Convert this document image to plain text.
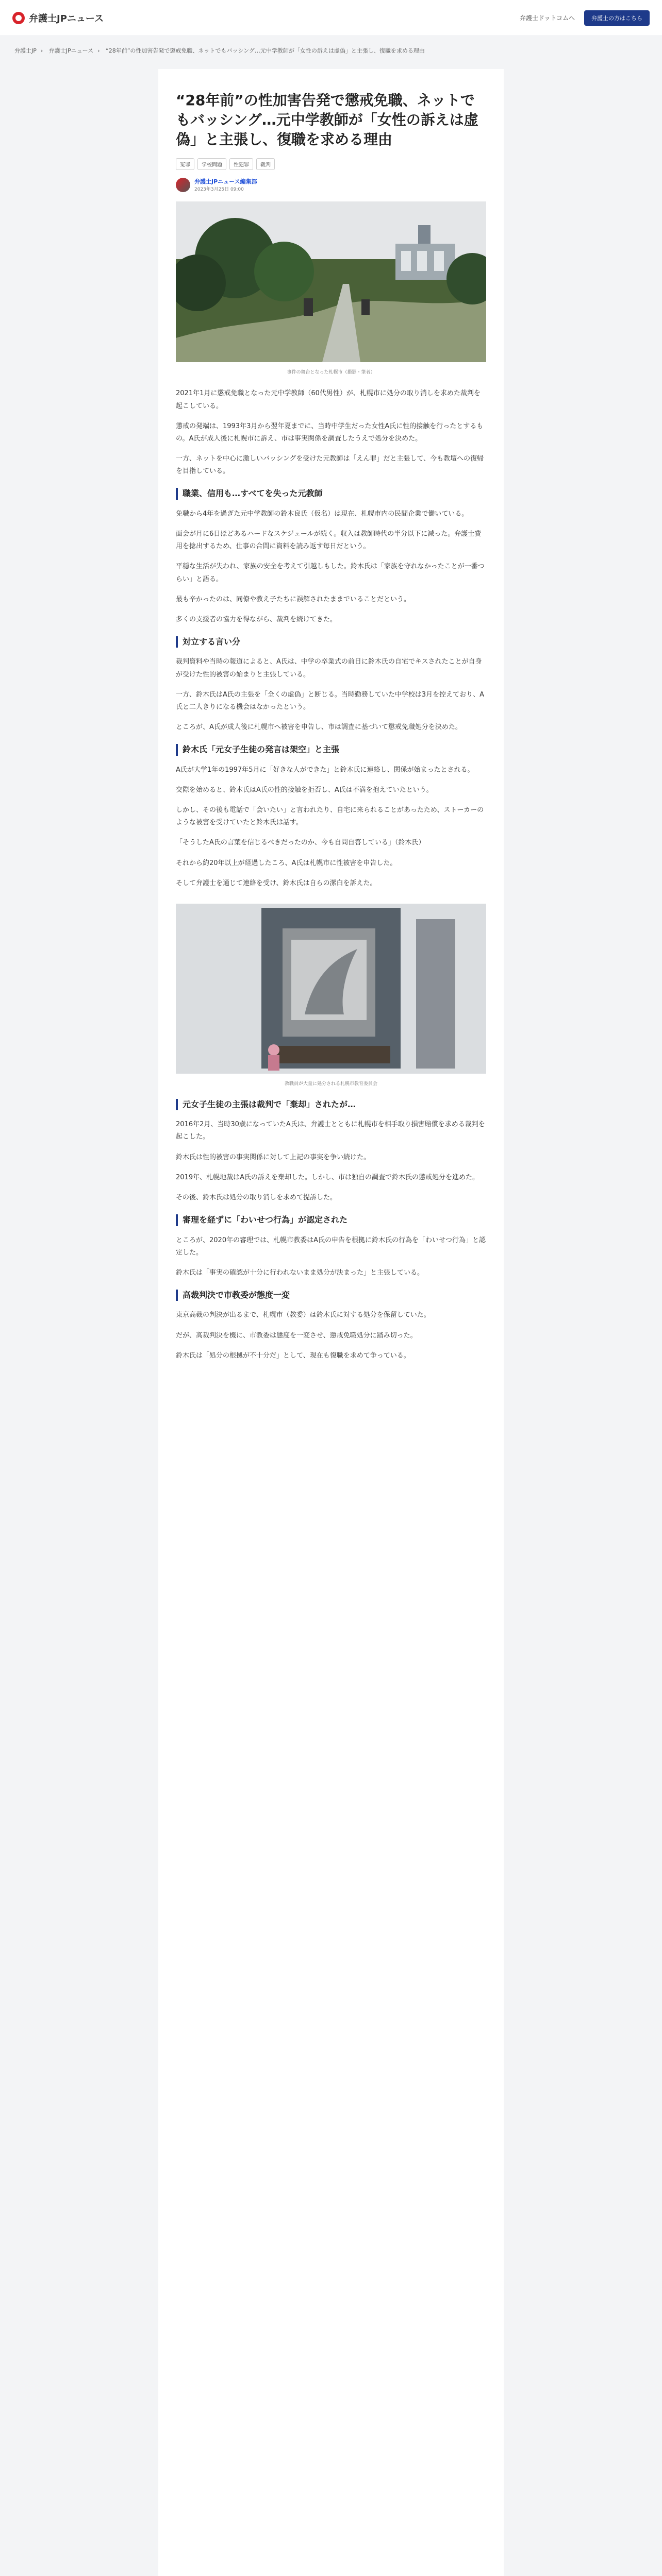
弁護士JPニュース	弁護士ドットコムへ	弁護士の方はこちら
弁護士JP › 弁護士JPニュース › “28年前”の性加害告発で懲戒免職、ネットでもバッシング…元中学教師が「女性の訴えは虚偽」と主張し、復職を求める理由
“28年前”の性加害告発で懲戒免職、ネットでもバッシング…元中学教師が「女性の訴えは虚偽」と主張し、復職を求める理由
冤罪	学校問題	性犯罪	裁判
弁護士JPニュース編集部
2023年3月25日 09:00
事件の舞台となった札幌市（撮影・筆者）

2021年1月に懲戒免職となった元中学教師（60代男性）が、札幌市に処分の取り消しを求めた裁判を起こしている。

懲戒の発端は、1993年3月から翌年夏までに、当時中学生だった女性A氏に性的接触を行ったとするもの。A氏が成人後に札幌市に訴え、市は事実関係を調査したうえで処分を決めた。

一方、ネットを中心に激しいバッシングを受けた元教師は「えん罪」だと主張して、今も教壇への復帰を目指している。

職業、信用も…すべてを失った元教師

免職から4年を過ぎた元中学教師の鈴木良氏（仮名）は現在、札幌市内の民間企業で働いている。

面会が月に6日ほどあるハードなスケジュールが続く。収入は教師時代の半分以下に減った。弁護士費用を捻出するため、仕事の合間に資料を読み返す毎日だという。

平穏な生活が失われ、家族の安全を考えて引越しもした。鈴木氏は「家族を守れなかったことが一番つらい」と語る。

最も辛かったのは、同僚や教え子たちに誤解されたままでいることだという。

多くの支援者の協力を得ながら、裁判を続けてきた。

対立する言い分

裁判資料や当時の報道によると、A氏は、中学の卒業式の前日に鈴木氏の自宅でキスされたことが自身が受けた性的被害の始まりと主張している。

一方、鈴木氏はA氏の主張を「全くの虚偽」と断じる。当時勤務していた中学校は3月を控えており、A氏と二人きりになる機会はなかったという。

ところが、A氏が成人後に札幌市へ被害を申告し、市は調査に基づいて懲戒免職処分を決めた。

鈴木氏「元女子生徒の発言は架空」と主張

A氏が大学1年の1997年5月に「好きな人ができた」と鈴木氏に連絡し、関係が始まったとされる。

交際を始めると、鈴木氏はA氏の性的接触を拒否し、A氏は不満を抱えていたという。

しかし、その後も電話で「会いたい」と言われたり、自宅に来られることがあったため、ストーカーのような被害を受けていたと鈴木氏は話す。

「そうしたA氏の言葉を信じるべきだったのか、今も自問自答している」（鈴木氏）

それから約20年以上が経過したころ、A氏は札幌市に性被害を申告した。

そして弁護士を通じて連絡を受け、鈴木氏は自らの潔白を訴えた。

教職員が大量に処分される札幌市教育委員会
元女子生徒の主張は裁判で「棄却」されたが…

2016年2月、当時30歳になっていたA氏は、弁護士とともに札幌市を相手取り損害賠償を求める裁判を起こした。

鈴木氏は性的被害の事実関係に対して上記の事実を争い続けた。

2019年、札幌地裁はA氏の訴えを棄却した。しかし、市は独自の調査で鈴木氏の懲戒処分を進めた。

その後、鈴木氏は処分の取り消しを求めて提訴した。

審理を経ずに「わいせつ行為」が認定された

ところが、2020年の審理では、札幌市教委はA氏の申告を根拠に鈴木氏の行為を「わいせつ行為」と認定した。

鈴木氏は「事実の確認が十分に行われないまま処分が決まった」と主張している。

高裁判決で市教委が態度一変

東京高裁の判決が出るまで、札幌市（教委）は鈴木氏に対する処分を保留していた。

だが、高裁判決を機に、市教委は態度を一変させ、懲戒免職処分に踏み切った。

鈴木氏は「処分の根拠が不十分だ」として、現在も復職を求めて争っている。
